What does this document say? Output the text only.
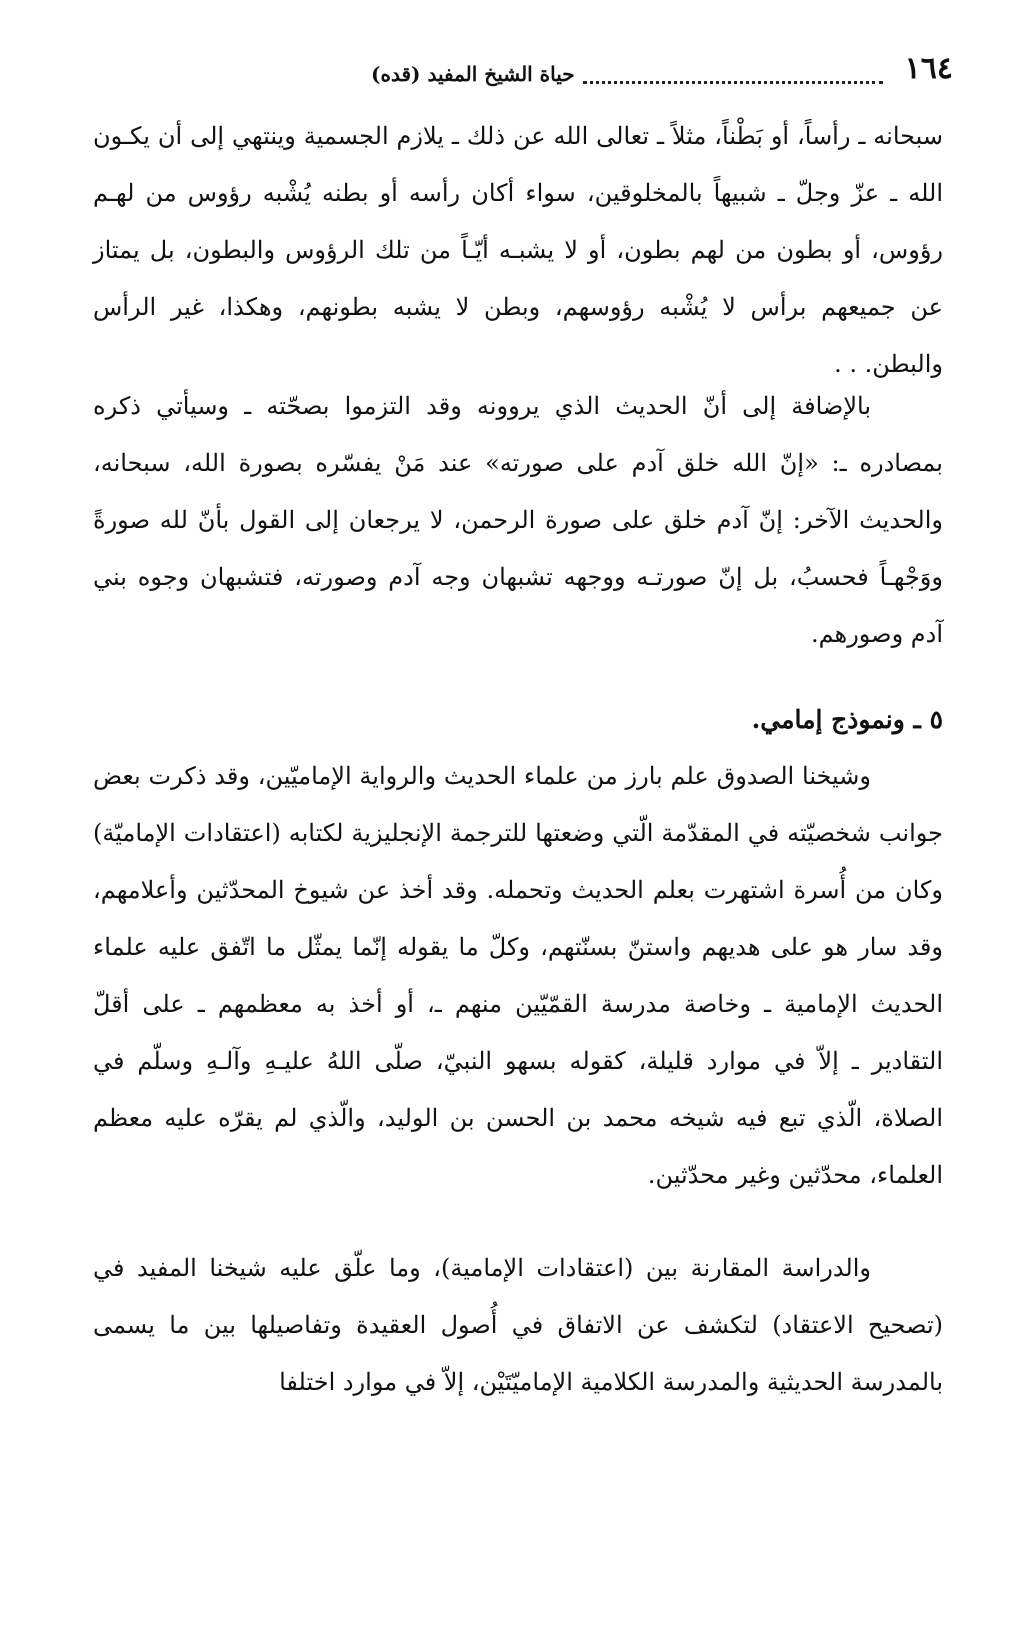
١٦٤
حياة الشيخ المفيد (قده)

سبحانه ـ رأساً، أو بَطْناً، مثلاً ـ تعالى الله عن ذلك ـ يلازم الجسمية وينتهي إلى أن يكـون الله ـ عزّ وجلّ ـ شبيهاً بالمخلوقين، سواء أكان رأسه أو بطنه يُشْبه رؤوس من لهـم رؤوس، أو بطون من لهم بطون، أو لا يشبـه أيّـاً من تلك الرؤوس والبطون، بل يمتاز عن جميعهم برأس لا يُشْبه رؤوسهم، وبطن لا يشبه بطونهم، وهكذا، غير الرأس والبطن. . .

بالإضافة إلى أنّ الحديث الذي يروونه وقد التزموا بصحّته ـ وسيأتي ذكره بمصادره ـ: «إنّ الله خلق آدم على صورته» عند مَنْ يفسّره بصورة الله، سبحانه، والحديث الآخر: إنّ آدم خلق على صورة الرحمن، لا يرجعان إلى القول بأنّ لله صورةً ووَجْهـاً فحسبُ، بل إنّ صورتـه ووجهه تشبهان وجه آدم وصورته، فتشبهان وجوه بني آدم وصورهم.

٥ ـ ونموذج إمامي.

وشيخنا الصدوق علم بارز من علماء الحديث والرواية الإماميّين، وقد ذكرت بعض جوانب شخصيّته في المقدّمة الّتي وضعتها للترجمة الإنجليزية لكتابه (اعتقادات الإماميّة) وكان من أُسرة اشتهرت بعلم الحديث وتحمله. وقد أخذ عن شيوخ المحدّثين وأعلامهم، وقد سار هو على هديهم واستنّ بسنّتهم، وكلّ ما يقوله إنّما يمثّل ما اتّفق عليه علماء الحديث الإمامية ـ وخاصة مدرسة القمّيّين منهم ـ، أو أخذ به معظمهم ـ على أقلّ التقادير ـ إلاّ في موارد قليلة، كقوله بسهو النبيّ، صلّى اللهُ عليـهِ وآلـهِ وسلّم في الصلاة، الّذي تبع فيه شيخه محمد بن الحسن بن الوليد، والّذي لم يقرّه عليه معظم العلماء، محدّثين وغير محدّثين.

والدراسة المقارنة بين (اعتقادات الإمامية)، وما علّق عليه شيخنا المفيد في (تصحيح الاعتقاد) لتكشف عن الاتفاق في أُصول العقيدة وتفاصيلها بين ما يسمى بالمدرسة الحديثية والمدرسة الكلامية الإماميّتَيْن، إلاّ في موارد اختلفا
